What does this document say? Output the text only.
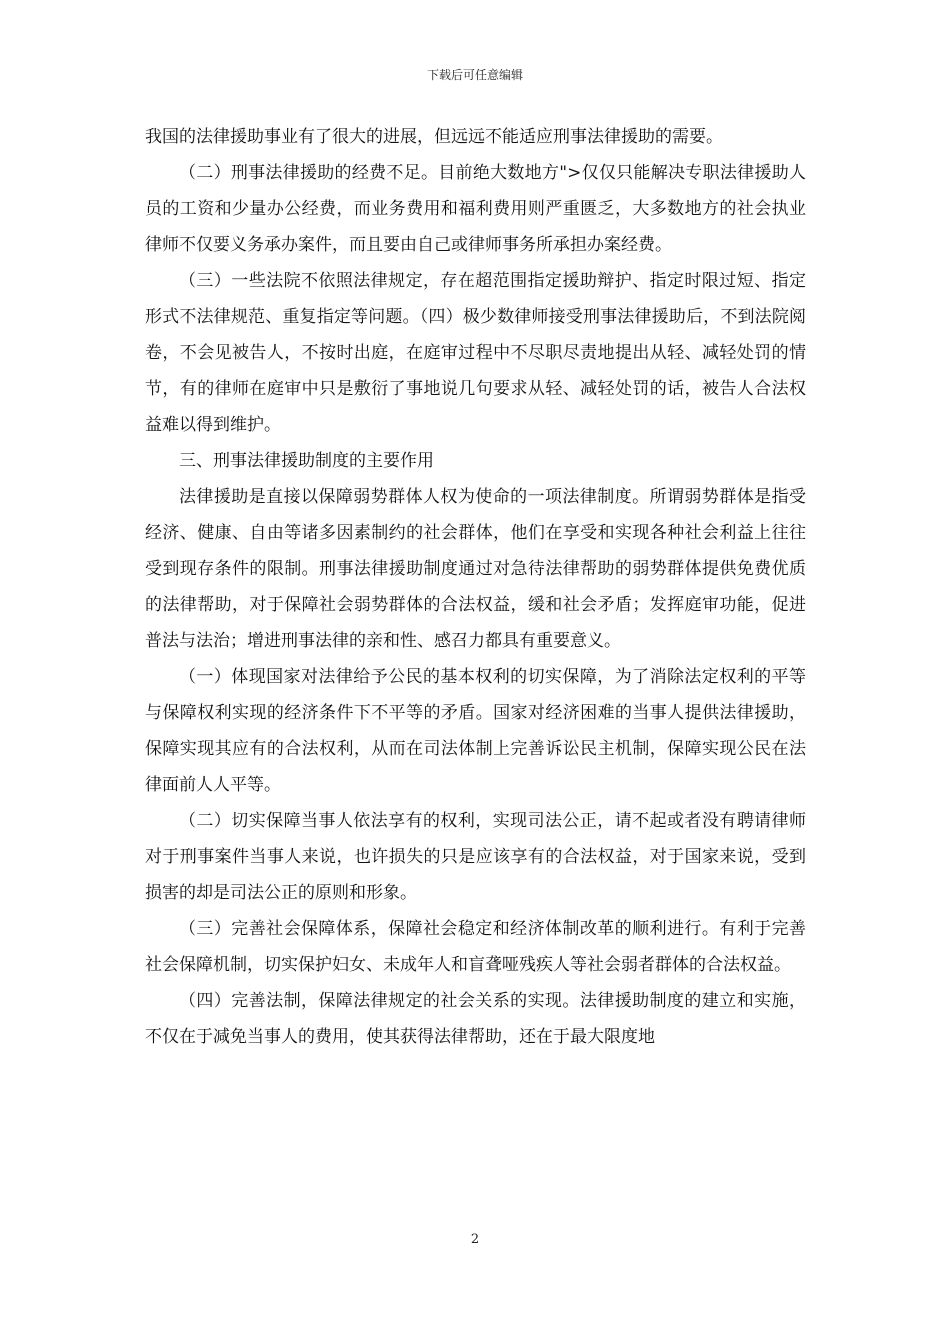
下载后可任意编辑

我国的法律援助事业有了很大的进展，但远远不能适应刑事法律援助的需要。

（二）刑事法律援助的经费不足。目前绝大数地方">仅仅只能解决专职法律援助人员的工资和少量办公经费，而业务费用和福利费用则严重匮乏，大多数地方的社会执业律师不仅要义务承办案件，而且要由自己或律师事务所承担办案经费。

（三）一些法院不依照法律规定，存在超范围指定援助辩护、指定时限过短、指定形式不法律规范、重复指定等问题。（四）极少数律师接受刑事法律援助后，不到法院阅卷，不会见被告人，不按时出庭，在庭审过程中不尽职尽责地提出从轻、减轻处罚的情节，有的律师在庭审中只是敷衍了事地说几句要求从轻、减轻处罚的话，被告人合法权益难以得到维护。

三、刑事法律援助制度的主要作用

法律援助是直接以保障弱势群体人权为使命的一项法律制度。所谓弱势群体是指受经济、健康、自由等诸多因素制约的社会群体，他们在享受和实现各种社会利益上往往受到现存条件的限制。刑事法律援助制度通过对急待法律帮助的弱势群体提供免费优质的法律帮助，对于保障社会弱势群体的合法权益，缓和社会矛盾；发挥庭审功能，促进普法与法治；增进刑事法律的亲和性、感召力都具有重要意义。

（一）体现国家对法律给予公民的基本权利的切实保障，为了消除法定权利的平等与保障权利实现的经济条件下不平等的矛盾。国家对经济困难的当事人提供法律援助，保障实现其应有的合法权利，从而在司法体制上完善诉讼民主机制，保障实现公民在法律面前人人平等。

（二）切实保障当事人依法享有的权利，实现司法公正，请不起或者没有聘请律师对于刑事案件当事人来说，也许损失的只是应该享有的合法权益，对于国家来说，受到损害的却是司法公正的原则和形象。

（三）完善社会保障体系，保障社会稳定和经济体制改革的顺利进行。有利于完善社会保障机制，切实保护妇女、未成年人和盲聋哑残疾人等社会弱者群体的合法权益。

（四）完善法制，保障法律规定的社会关系的实现。法律援助制度的建立和实施，不仅在于减免当事人的费用，使其获得法律帮助，还在于最大限度地

2
